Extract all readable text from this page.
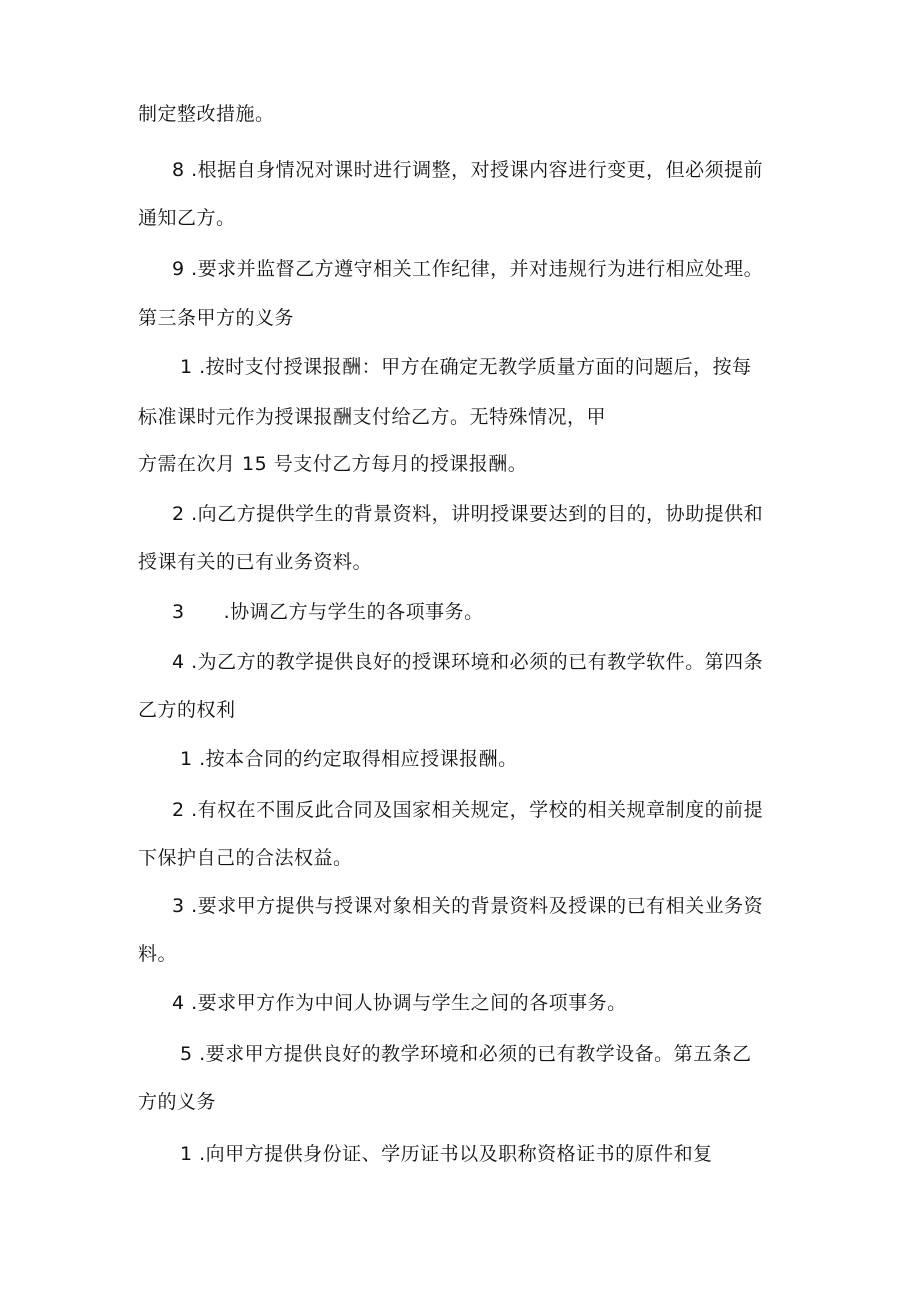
制定整改措施。
8 .根据自身情况对课时进行调整，对授课内容进行变更，但必须提前
通知乙方。
9 .要求并监督乙方遵守相关工作纪律，并对违规行为进行相应处理。
第三条甲方的义务
1 .按时支付授课报酬：甲方在确定无教学质量方面的问题后，按每
标准课时元作为授课报酬支付给乙方。无特殊情况，甲
方需在次月 15 号支付乙方每月的授课报酬。
2 .向乙方提供学生的背景资料，讲明授课要达到的目的，协助提供和
授课有关的已有业务资料。
3　　.协调乙方与学生的各项事务。
4 .为乙方的教学提供良好的授课环境和必须的已有教学软件。第四条
乙方的权利
1 .按本合同的约定取得相应授课报酬。
2 .有权在不围反此合同及国家相关规定，学校的相关规章制度的前提
下保护自己的合法权益。
3 .要求甲方提供与授课对象相关的背景资料及授课的已有相关业务资
料。
4 .要求甲方作为中间人协调与学生之间的各项事务。
5 .要求甲方提供良好的教学环境和必须的已有教学设备。第五条乙
方的义务
1 .向甲方提供身份证、学历证书以及职称资格证书的原件和复
